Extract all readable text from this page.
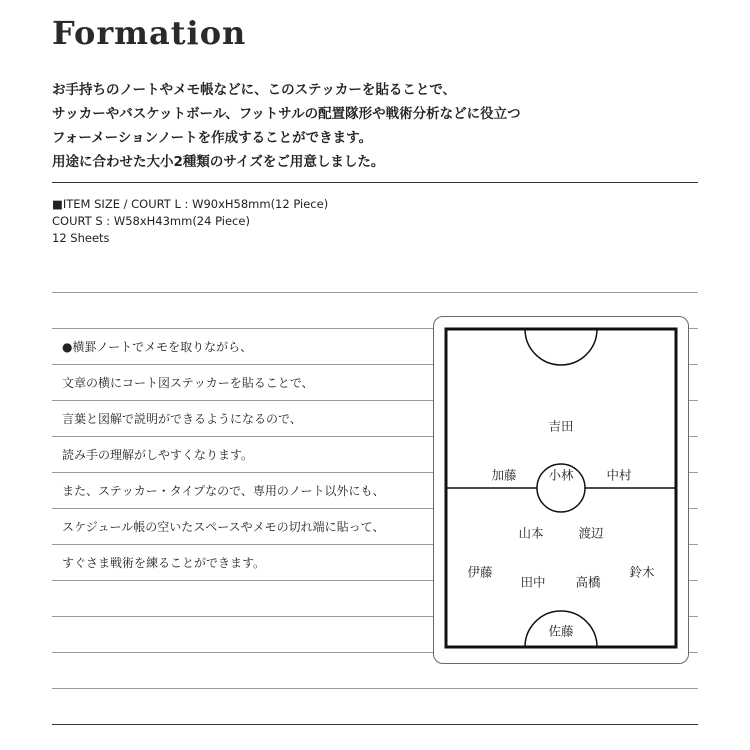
Formation

お手持ちのノートやメモ帳などに、このステッカーを貼ることで、

サッカーやバスケットボール、フットサルの配置隊形や戦術分析などに役立つ

フォーメーションノートを作成することができます。

用途に合わせた大小2種類のサイズをご用意しました。

■ITEM SIZE / COURT L : W90xH58mm(12 Piece)
COURT S : W58xH43mm(24 Piece)
12 Sheets
●横罫ノートでメモを取りながら、
文章の横にコート図ステッカーを貼ることで、
言葉と図解で説明ができるようになるので、
読み手の理解がしやすくなります。
また、ステッカー・タイプなので、専用のノート以外にも、
スケジュール帳の空いたスペースやメモの切れ端に貼って、
すぐさま戦術を練ることができます。
吉田
加藤	小林	中村
山本	渡辺
伊藤
田中 高橋
鈴木
佐藤
